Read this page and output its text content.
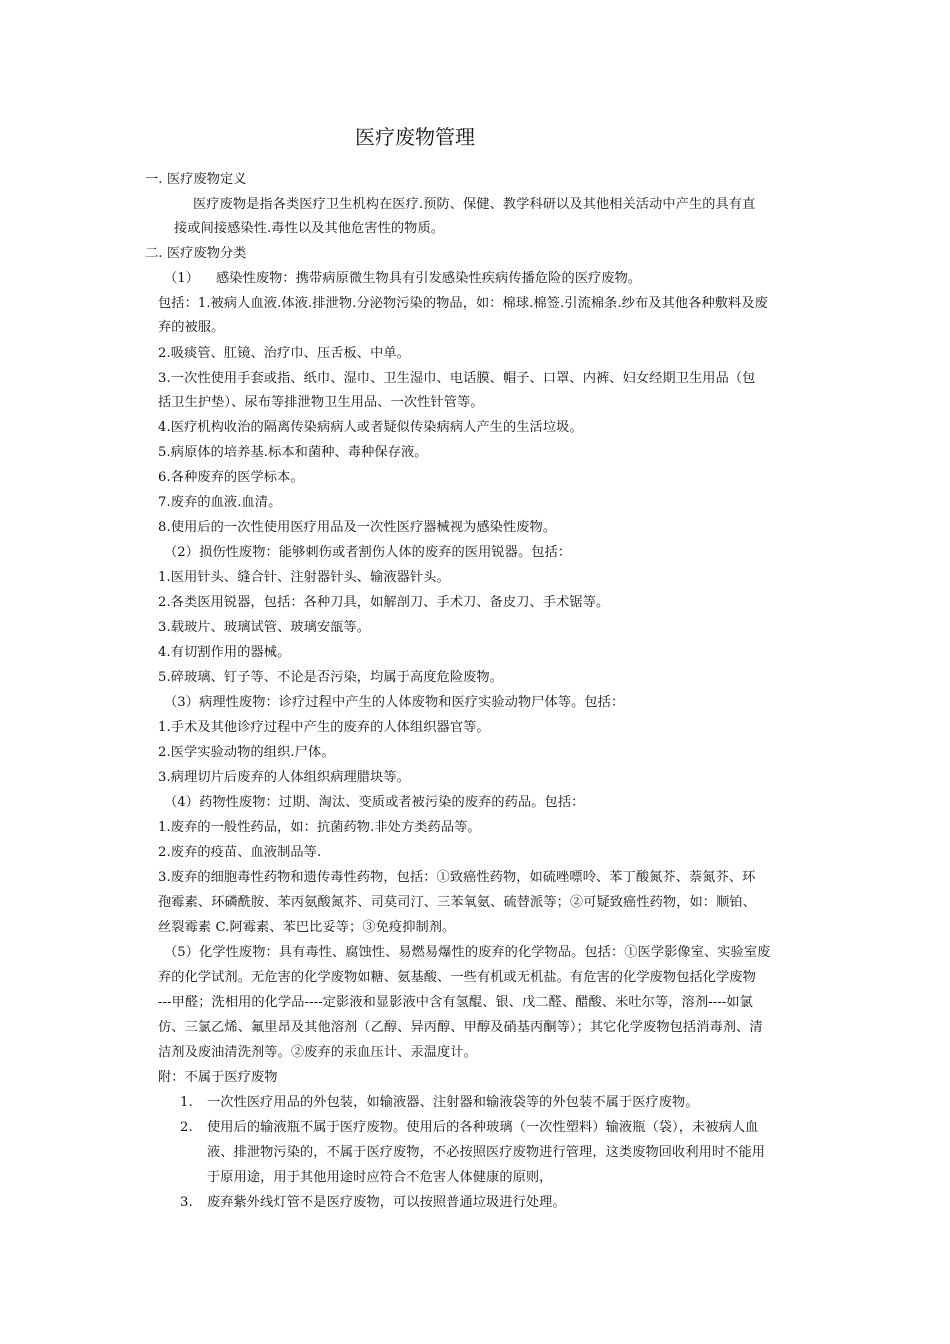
医疗废物管理
一. 医疗废物定义
医疗废物是指各类医疗卫生机构在医疗.预防、保健、教学科研以及其他相关活动中产生的具有直
接或间接感染性.毒性以及其他危害性的物质。
二. 医疗废物分类
（1） 感染性废物：携带病原微生物具有引发感染性疾病传播危险的医疗废物。
包括：1.被病人血液.体液.排泄物.分泌物污染的物品，如：棉球.棉签.引流棉条.纱布及其他各种敷料及废
弃的被服。
2.吸痰管、肛镜、治疗巾、压舌板、中单。
3.一次性使用手套或指、纸巾、湿巾、卫生湿巾、电话膜、帽子、口罩、内裤、妇女经期卫生用品（包
括卫生护垫）、尿布等排泄物卫生用品、一次性针管等。
4.医疗机构收治的隔离传染病病人或者疑似传染病病人产生的生活垃圾。
5.病原体的培养基.标本和菌种、毒种保存液。
6.各种废弃的医学标本。
7.废弃的血液.血清。
8.使用后的一次性使用医疗用品及一次性医疗器械视为感染性废物。
（2）损伤性废物：能够刺伤或者割伤人体的废弃的医用锐器。包括：
1.医用针头、缝合针、注射器针头、输液器针头。
2.各类医用锐器，包括：各种刀具，如解剖刀、手术刀、备皮刀、手术锯等。
3.载玻片、玻璃试管、玻璃安瓿等。
4.有切割作用的器械。
5.碎玻璃、钉子等、不论是否污染，均属于高度危险废物。
（3）病理性废物：诊疗过程中产生的人体废物和医疗实验动物尸体等。包括：
1.手术及其他诊疗过程中产生的废弃的人体组织器官等。
2.医学实验动物的组织.尸体。
3.病理切片后废弃的人体组织病理腊块等。
（4）药物性废物：过期、淘汰、变质或者被污染的废弃的药品。包括：
1.废弃的一般性药品，如：抗菌药物.非处方类药品等。
2.废弃的疫苗、血液制品等.
3.废弃的细胞毒性药物和遗传毒性药物，包括：①致癌性药物，如硫唑嘌呤、苯丁酸氮芥、萘氮芥、环
孢霉素、环磷酰胺、苯丙氨酸氮芥、司莫司汀、三苯氧氨、硫替派等；②可疑致癌性药物，如：顺铂、
丝裂霉素 C.阿霉素、苯巴比妥等；③免疫抑制剂。
（5）化学性废物：具有毒性、腐蚀性、易燃易爆性的废弃的化学物品。包括：①医学影像室、实验室废
弃的化学试剂。无危害的化学废物如糖、氨基酸、一些有机或无机盐。有危害的化学废物包括化学废物
---甲醛；洗相用的化学品----定影液和显影液中含有氢醌、银、戊二醛、醋酸、米吐尔等，溶剂----如氯
仿、三氯乙烯、氟里昂及其他溶剂（乙醇、异丙醇、甲醇及硝基丙酮等）；其它化学废物包括消毒剂、清
洁剂及废油清洗剂等。②废弃的汞血压计、汞温度计。
附：不属于医疗废物
1. 一次性医疗用品的外包装，如输液器、注射器和输液袋等的外包装不属于医疗废物。
2. 使用后的输液瓶不属于医疗废物。使用后的各种玻璃（一次性塑料）输液瓶（袋），未被病人血
液、排泄物污染的，不属于医疗废物，不必按照医疗废物进行管理，这类废物回收利用时不能用
于原用途，用于其他用途时应符合不危害人体健康的原则，
3. 废弃紫外线灯管不是医疗废物，可以按照普通垃圾进行处理。
